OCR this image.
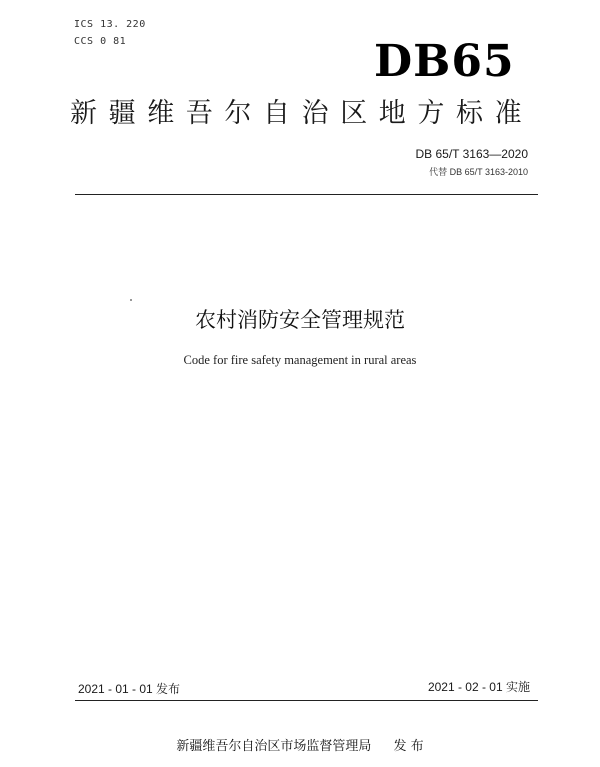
ICS 13. 220
CCS 0 81	DB65
新疆维吾尔自治区地方标准
DB 65/T 3163—2020
代替 DB 65/T 3163-2010
农村消防安全管理规范
Code for fire safety management in rural areas
2021 - 01 - 01 发布	2021 - 02 - 01 实施
新疆维吾尔自治区市场监督管理局 发 布
